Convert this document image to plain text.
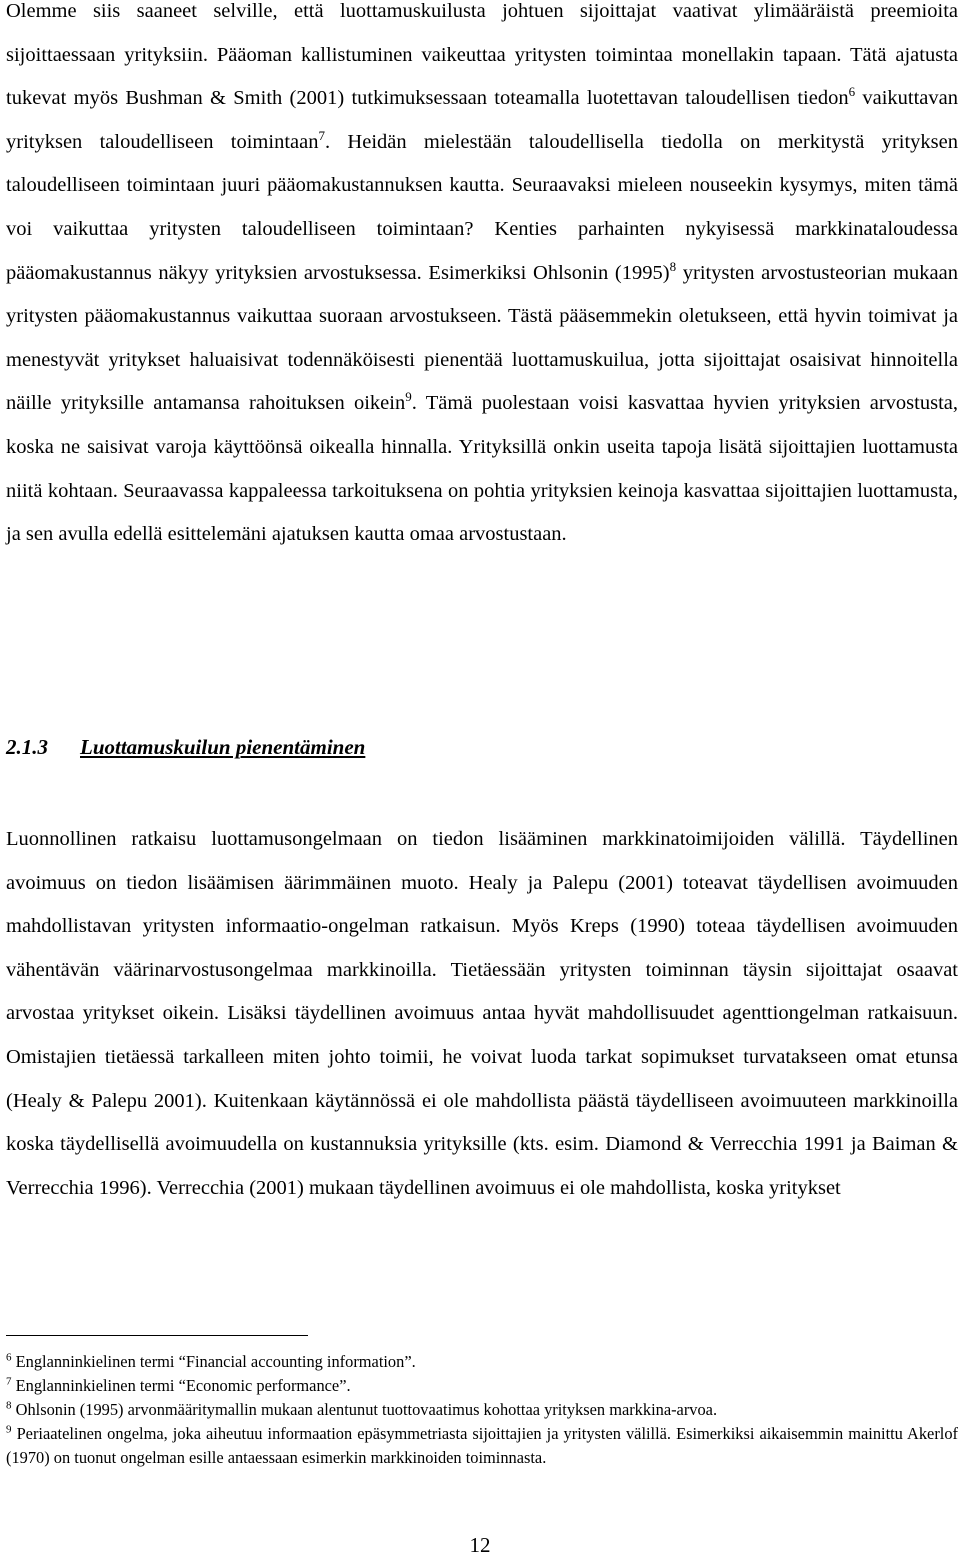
Olemme siis saaneet selville, että luottamuskuilusta johtuen sijoittajat vaativat ylimääräistä preemioita sijoittaessaan yrityksiin. Pääoman kallistuminen vaikeuttaa yritysten toimintaa monellakin tapaan. Tätä ajatusta tukevat myös Bushman & Smith (2001) tutkimuksessaan toteamalla luotettavan taloudellisen tiedon$^6$ vaikuttavan yrityksen taloudelliseen toimintaan$^7$. Heidän mielestään taloudellisella tiedolla on merkitystä yrityksen taloudelliseen toimintaan juuri pääomakustannuksen kautta. Seuraavaksi mieleen nouseekin kysymys, miten tämä voi vaikuttaa yritysten taloudelliseen toimintaan? Kenties parhainten nykyisessä markkinataloudessa pääomakustannus näkyy yrityksien arvostuksessa. Esimerkiksi Ohlsonin (1995)$^8$ yritysten arvostusteorian mukaan yritysten pääomakustannus vaikuttaa suoraan arvostukseen. Tästä pääsemmekin oletukseen, että hyvin toimivat ja menestyvät yritykset haluaisivat todennäköisesti pienentää luottamuskuilua, jotta sijoittajat osaisivat hinnoitella näille yrityksille antamansa rahoituksen oikein$^9$. Tämä puolestaan voisi kasvattaa hyvien yrityksien arvostusta, koska ne saisivat varoja käyttöönsä oikealla hinnalla. Yrityksillä onkin useita tapoja lisätä sijoittajien luottamusta niitä kohtaan. Seuraavassa kappaleessa tarkoituksena on pohtia yrityksien keinoja kasvattaa sijoittajien luottamusta, ja sen avulla edellä esittelemäni ajatuksen kautta omaa arvostustaan.

2.1.3 Luottamuskuilun pienentäminen

Luonnollinen ratkaisu luottamusongelmaan on tiedon lisääminen markkinatoimijoiden välillä. Täydellinen avoimuus on tiedon lisäämisen äärimmäinen muoto. Healy ja Palepu (2001) toteavat täydellisen avoimuuden mahdollistavan yritysten informaatio-ongelman ratkaisun. Myös Kreps (1990) toteaa täydellisen avoimuuden vähentävän väärinarvostusongelmaa markkinoilla. Tietäessään yritysten toiminnan täysin sijoittajat osaavat arvostaa yritykset oikein. Lisäksi täydellinen avoimuus antaa hyvät mahdollisuudet agenttiongelman ratkaisuun. Omistajien tietäessä tarkalleen miten johto toimii, he voivat luoda tarkat sopimukset turvatakseen omat etunsa (Healy & Palepu 2001). Kuitenkaan käytännössä ei ole mahdollista päästä täydelliseen avoimuuteen markkinoilla koska täydellisellä avoimuudella on kustannuksia yrityksille (kts. esim. Diamond & Verrecchia 1991 ja Baiman & Verrecchia 1996). Verrecchia (2001) mukaan täydellinen avoimuus ei ole mahdollista, koska yritykset

$^6$ Englanninkielinen termi “Financial accounting information”.
$^7$ Englanninkielinen termi “Economic performance”.
$^8$ Ohlsonin (1995) arvonmääritymallin mukaan alentunut tuottovaatimus kohottaa yrityksen markkina-arvoa.
$^9$ Periaatelinen ongelma, joka aiheutuu informaation epäsymmetriasta sijoittajien ja yritysten välillä. Esimerkiksi aikaisemmin mainittu Akerlof (1970) on tuonut ongelman esille antaessaan esimerkin markkinoiden toiminnasta.

12
